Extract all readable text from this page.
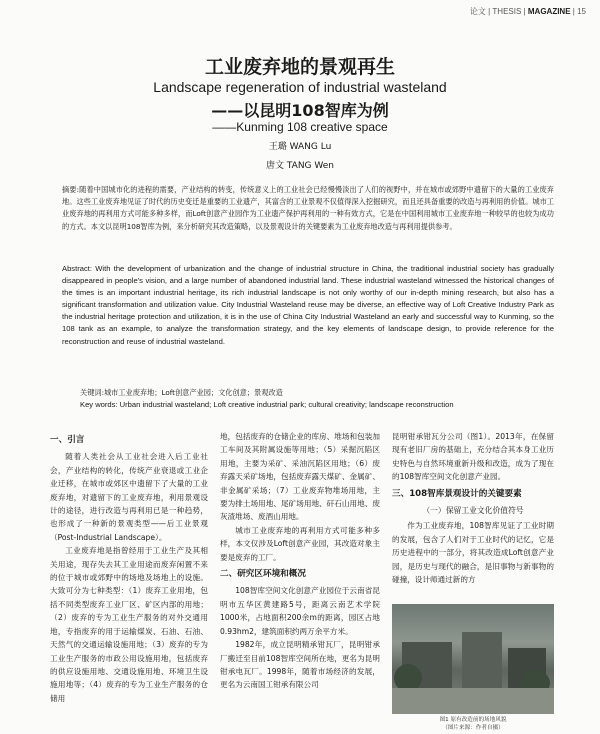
论文 | THESIS | MAGAZINE | 15
工业废弃地的景观再生
Landscape regeneration of industrial wasteland
——以昆明108智库为例
——Kunming 108 creative space
王璐 WANG Lu
唐文 TANG Wen
摘要:随着中国城市化的进程的需要，产业结构的转变，传统意义上的工业社会已经慢慢淡出了人们的视野中，并在城市或郊野中遗留下的大量的工业废弃地。这些工业废弃地见证了时代的历史变迁是重要的工业遗产，其富含的工业景观不仅值得深入挖掘研究，而且还具备重要的改造与再利用的价值。城市工业废弃地的再利用方式可能多种多样，而Loft创意产业园作为工业遗产保护再利用的一种有效方式，它是在中国利用城市工业废弃地一种较早的也较为成功的方式。本文以昆明108智库为例，来分析研究其改造策略，以及景观设计的关键要素为工业废弃地改造与再利用提供参考。
Abstract: With the development of urbanization and the change of industrial structure in China, the traditional industrial society has gradually disappeared in people's vision, and a large number of abandoned industrial land. These industrial wasteland witnessed the historical changes of the times is an important industrial heritage, its rich industrial landscape is not only worthy of our in-depth mining research, but also has a significant transformation and utilization value. City Industrial Wasteland reuse may be diverse, an effective way of Loft Creative Industry Park as the industrial heritage protection and utilization, it is in the use of China City Industrial Wasteland an early and successful way to Kunming, so the 108 tank as an example, to analyze the transformation strategy, and the key elements of landscape design, to provide reference for the reconstruction and reuse of industrial wasteland.
关键词:城市工业废弃地；Loft创意产业园；文化创意；景观改造
Key words: Urban industrial wasteland; Loft creative industrial park; cultural creativity; landscape reconstruction
一、引言

随着人类社会从工业社会进入后工业社会，产业结构的转化，传统产业衰退或工业企业迁移，在城市或郊区中遗留下了大量的工业废弃地，对遗留下的工业废弃地，利用景观设计的途径，进行改造与再利用已是一种趋势，也形成了一种新的景观类型——后工业景观（Post-Industrial Landscape）。

工业废弃地是指曾经用于工业生产及其相关用途，现存失去其工业用途而废弃闲置不来的位于城市或郊野中的场地及场地上的设施。大致可分为七种类型：（1）废弃工业用地，包括不同类型废弃工业厂区、矿区内部的用地；（2）废弃的专为工业生产服务的对外交通用地，专指废弃的用于运输煤炭、石油、石油、天然气的交通运输设施用地；（3）废弃的专为工业生产服务的市政公用设施用地，包括废弃的供应设施用地、交通设施用地、环境卫生设施用地等；（4）废弃的专为工业生产服务的仓储用

地，包括废弃的仓储企业的库房、堆场和包装加工车间及其附属设施等用地；（5）采掘沉陷区用地，主要为采矿、采油沉陷区用地；（6）废弃露天采矿场地，包括废弃露天煤矿、金属矿、非金属矿采场；（7）工业废弃物堆场用地，主要为排土场用地、尾矿场用地、矸石山用地、废灰渣堆场、废酒山用地。

城市工业废弃地的再利用方式可能多种多样，本文仅涉及Loft创意产业园，其改造对象主要是废弃的工厂。

二、研究区环境和概况

108智库空间文化创意产业园位于云南省昆明市五华区黄建路5号，距离云南艺术学院1000米，占地面积200余m的距离，园区占地0.93hm2，建筑面积约两万余平方米。

1982年，成立昆明精承钳瓦厂，昆明钳承厂搬迁至目前108智库空间所在地，更名为昆明钳承电瓦厂。1998年，随着市场经济的发展，更名为云南国工钳承有限公司

昆明钳承钳瓦分公司（图1）。2013年，在保留现有老旧厂房的基础上，充分结合其本身工业历史特色与自然环境重新升级和改造，成为了现在的108智库空间文化创意产业园。

三、108智库景观设计的关键要素
（一）保留工业文化价值符号

作为工业废弃地，108智库见证了工业时期的发展，包含了人们对于工业时代的记忆，它是历史进程中的一部分，将其改造成Loft创意产业园，是历史与现代的融合，是旧事物与新事物的碰撞，设计师通过新的方

图1 原有改造前的场地风貌
（图片来源：作者自摄）
